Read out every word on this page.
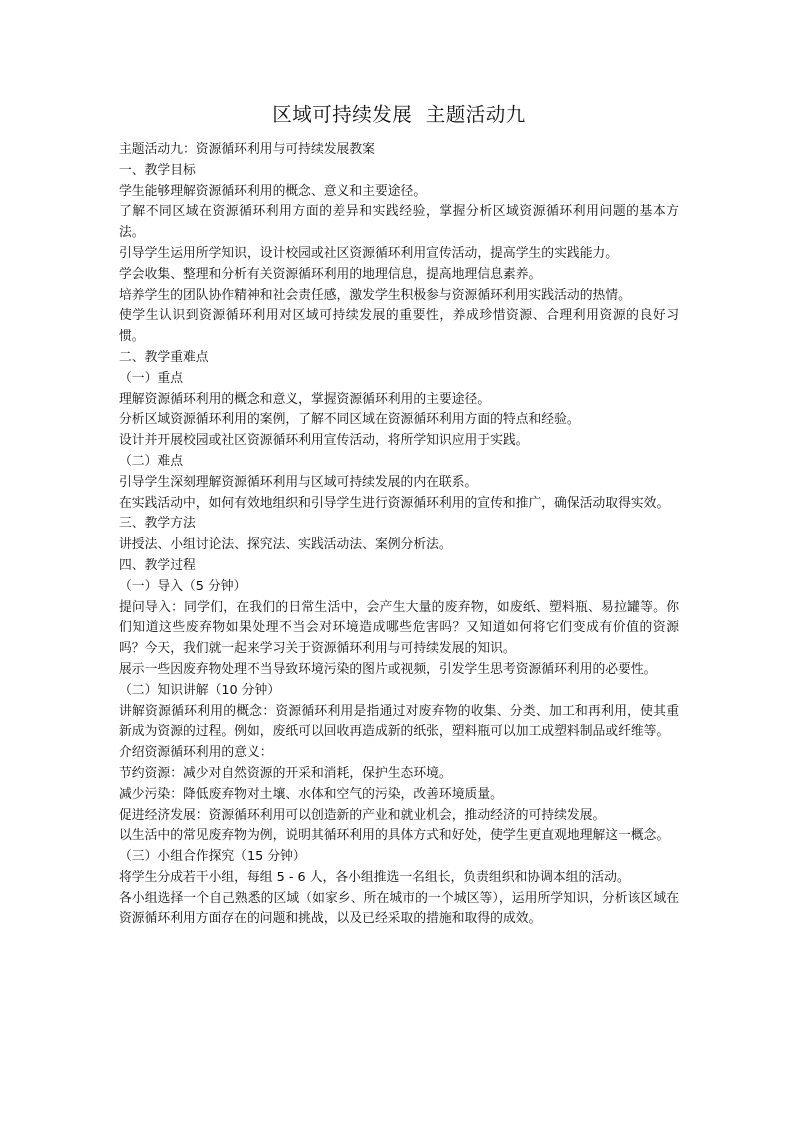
区域可持续发展  主题活动九

主题活动九：资源循环利用与可持续发展教案

一、教学目标

学生能够理解资源循环利用的概念、意义和主要途径。

了解不同区域在资源循环利用方面的差异和实践经验，掌握分析区域资源循环利用问题的基本方法。

引导学生运用所学知识，设计校园或社区资源循环利用宣传活动，提高学生的实践能力。

学会收集、整理和分析有关资源循环利用的地理信息，提高地理信息素养。

培养学生的团队协作精神和社会责任感，激发学生积极参与资源循环利用实践活动的热情。

使学生认识到资源循环利用对区域可持续发展的重要性，养成珍惜资源、合理利用资源的良好习惯。

二、教学重难点

（一）重点

理解资源循环利用的概念和意义，掌握资源循环利用的主要途径。

分析区域资源循环利用的案例，了解不同区域在资源循环利用方面的特点和经验。

设计并开展校园或社区资源循环利用宣传活动，将所学知识应用于实践。

（二）难点

引导学生深刻理解资源循环利用与区域可持续发展的内在联系。

在实践活动中，如何有效地组织和引导学生进行资源循环利用的宣传和推广，确保活动取得实效。

三、教学方法

讲授法、小组讨论法、探究法、实践活动法、案例分析法。

四、教学过程

（一）导入（5 分钟）

提问导入：同学们，在我们的日常生活中，会产生大量的废弃物，如废纸、塑料瓶、易拉罐等。你们知道这些废弃物如果处理不当会对环境造成哪些危害吗？又知道如何将它们变成有价值的资源吗？今天，我们就一起来学习关于资源循环利用与可持续发展的知识。

展示一些因废弃物处理不当导致环境污染的图片或视频，引发学生思考资源循环利用的必要性。

（二）知识讲解（10 分钟）

讲解资源循环利用的概念：资源循环利用是指通过对废弃物的收集、分类、加工和再利用，使其重新成为资源的过程。例如，废纸可以回收再造成新的纸张，塑料瓶可以加工成塑料制品或纤维等。

介绍资源循环利用的意义：

节约资源：减少对自然资源的开采和消耗，保护生态环境。

减少污染：降低废弃物对土壤、水体和空气的污染，改善环境质量。

促进经济发展：资源循环利用可以创造新的产业和就业机会，推动经济的可持续发展。

以生活中的常见废弃物为例，说明其循环利用的具体方式和好处，使学生更直观地理解这一概念。

（三）小组合作探究（15 分钟）

将学生分成若干小组，每组 5 - 6 人，各小组推选一名组长，负责组织和协调本组的活动。

各小组选择一个自己熟悉的区域（如家乡、所在城市的一个城区等），运用所学知识，分析该区域在资源循环利用方面存在的问题和挑战，以及已经采取的措施和取得的成效。
